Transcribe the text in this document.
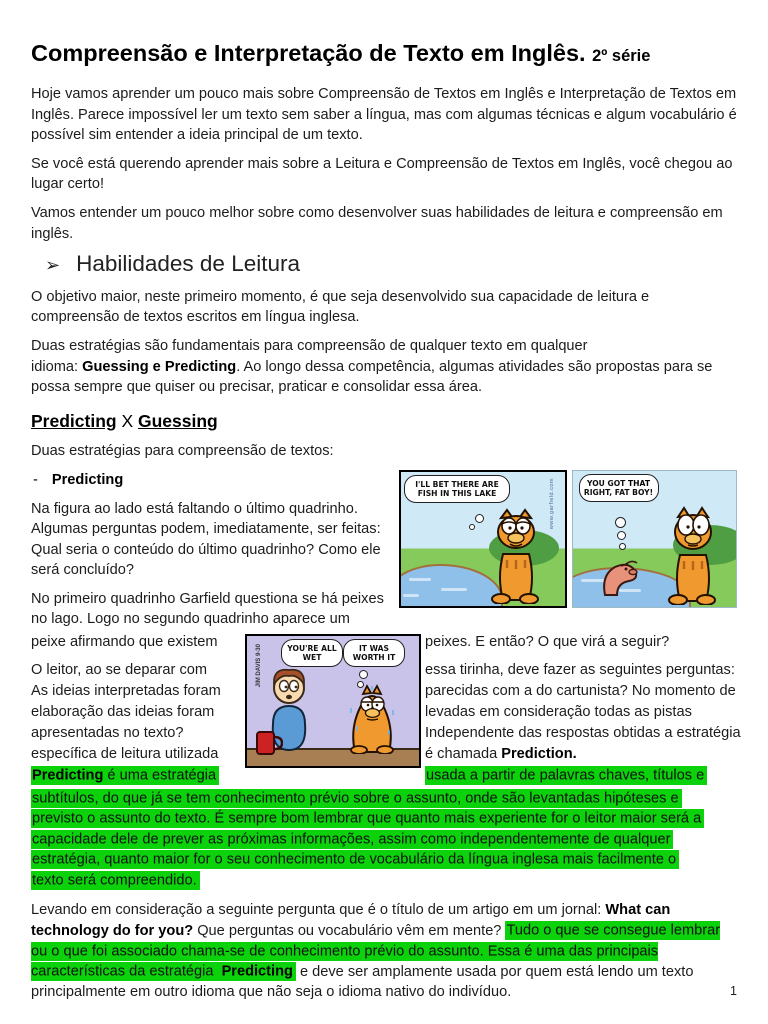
Compreensão e Interpretação de Texto em Inglês. 2º série

Hoje vamos aprender um pouco mais sobre Compreensão de Textos em Inglês e Interpretação de Textos em Inglês. Parece impossível ler um texto sem saber a língua, mas com algumas técnicas e algum vocabulário é possível sim entender a ideia principal de um texto.

Se você está querendo aprender mais sobre a Leitura e Compreensão de Textos em Inglês, você chegou ao lugar certo!

Vamos entender um pouco melhor sobre como desenvolver suas habilidades de leitura e compreensão em inglês.

➢ Habilidades de Leitura

O objetivo maior, neste primeiro momento, é que seja desenvolvido sua capacidade de leitura e compreensão de textos escritos em língua inglesa.

Duas estratégias são fundamentais para compreensão de qualquer texto em qualquer
idioma: Guessing e Predicting. Ao longo dessa competência, algumas atividades são propostas para se possa sempre que quiser ou precisar, praticar e consolidar essa área.

Predicting X Guessing

Duas estratégias para compreensão de textos:

I'LL BET THERE ARE FISH IN THIS LAKE	www.garfield.com	YOU GOT THAT RIGHT, FAT BOY!
- Predicting

Na figura ao lado está faltando o último quadrinho. Algumas perguntas podem, imediatamente, ser feitas: Qual seria o conteúdo do último quadrinho? Como ele será concluído?

No primeiro quadrinho Garfield questiona se há peixes no lago. Logo no segundo quadrinho aparece um

peixe afirmando que existem
O leitor, ao se deparar com
As ideias interpretadas foram
elaboração das ideias foram
apresentadas no texto?
específica de leitura utilizada
peixes. E então? O que virá a seguir?
essa tirinha, deve fazer as seguintes perguntas:
parecidas com a do cartunista? No momento de
levadas em consideração todas as pistas
Independente das respostas obtidas a estratégia
é chamada Prediction.
Predicting é uma estratégia	usada a partir de palavras chaves, títulos e
JIM DAVIS 9-30	YOU'RE ALL WET
IT WAS WORTH IT
subtítulos, do que já se tem conhecimento prévio sobre o assunto, onde são levantadas hipóteses e
previsto o assunto do texto. É sempre bom lembrar que quanto mais experiente for o leitor maior será a
capacidade dele de prever as próximas informações, assim como independentemente de qualquer
estratégia, quanto maior for o seu conhecimento de vocabulário da língua inglesa mais facilmente o
texto será compreendido.

Levando em consideração a seguinte pergunta que é o título de um artigo em um jornal: What can technology do for you? Que perguntas ou vocabulário vêm em mente? Tudo o que se consegue lembrar ou o que foi associado chama-se de conhecimento prévio do assunto. Essa é uma das principais características da estratégia Predicting e deve ser amplamente usada por quem está lendo um texto principalmente em outro idioma que não seja o idioma nativo do indivíduo.	1
